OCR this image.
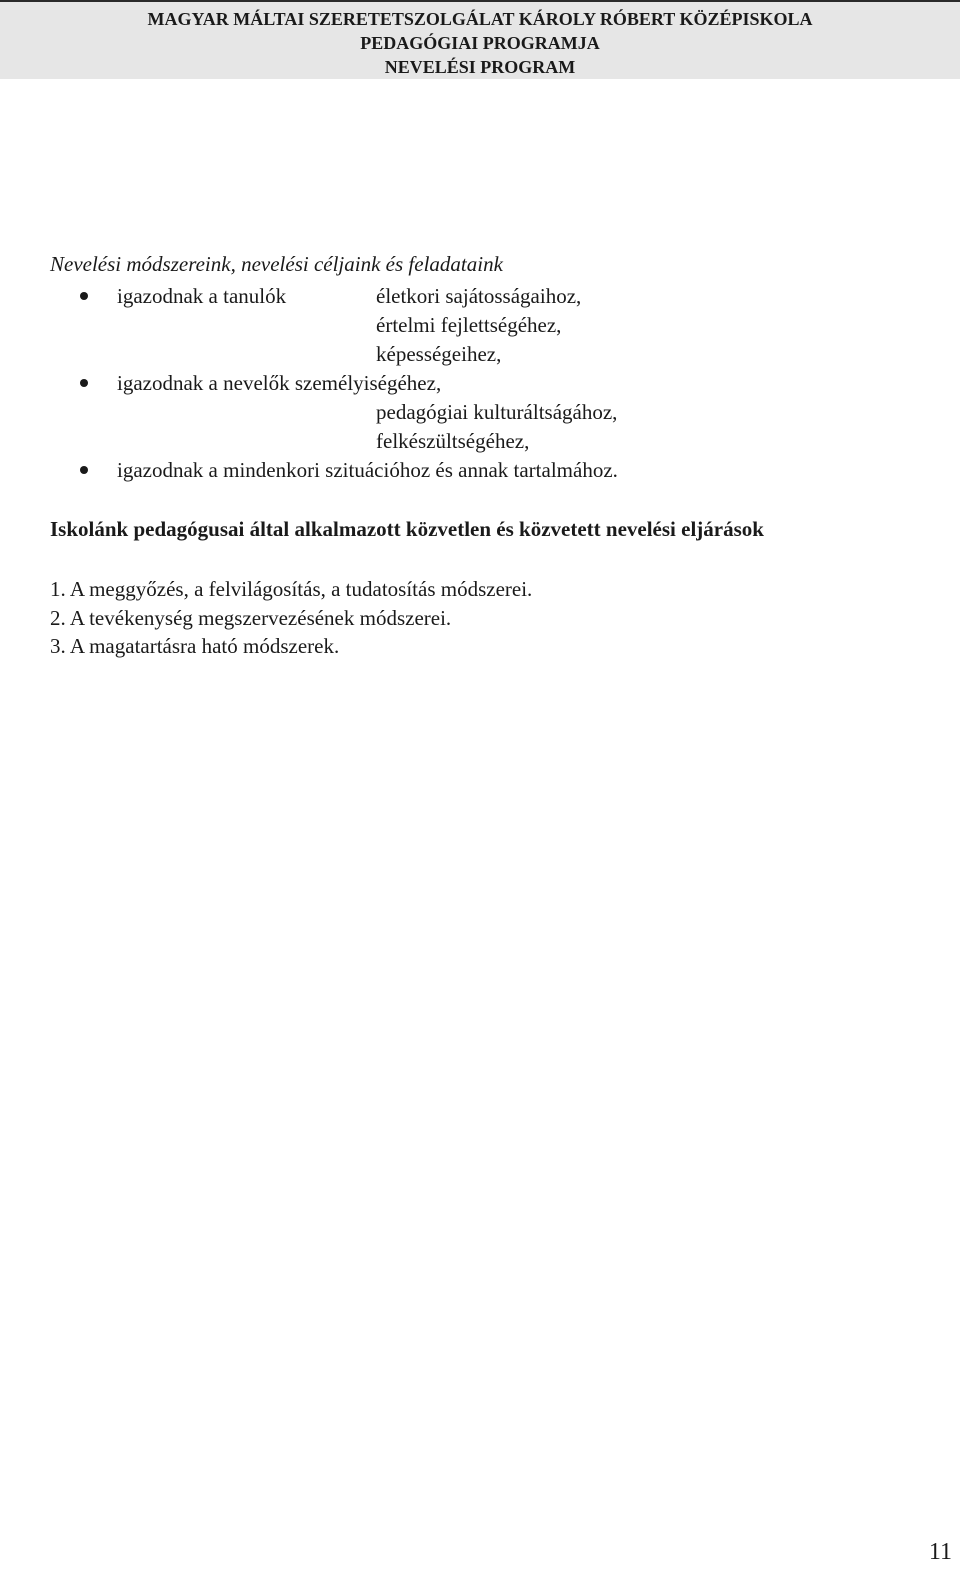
MAGYAR MÁLTAI SZERETETSZOLGÁLAT KÁROLY RÓBERT KÖZÉPISKOLA
PEDAGÓGIAI PROGRAMJA
NEVELÉSI PROGRAM
Nevelési módszereink, nevelési céljaink és feladataink
igazodnak a tanulók	életkori sajátosságaihoz,
értelmi fejlettségéhez,
képességeihez,
igazodnak a nevelők személyiségéhez,
pedagógiai kulturáltságához,
felkészültségéhez,
igazodnak a mindenkori szituációhoz és annak tartalmához.
Iskolánk pedagógusai által alkalmazott közvetlen és közvetett nevelési eljárások
1. A meggyőzés, a felvilágosítás, a tudatosítás módszerei.
2. A tevékenység megszervezésének módszerei.
3. A magatartásra ható módszerek.
11
